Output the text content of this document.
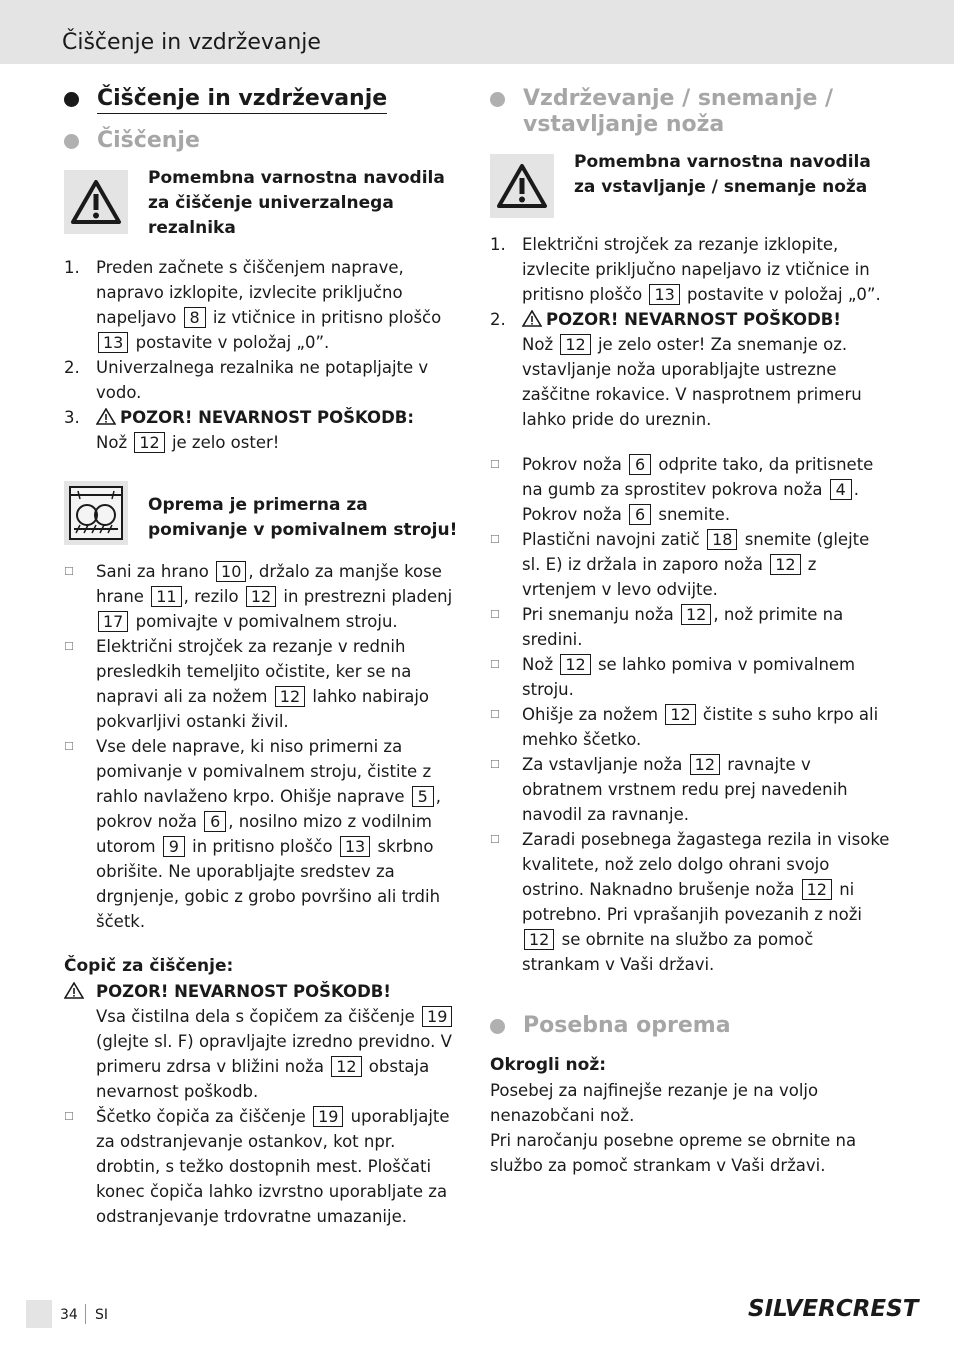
Čiščenje in vzdrževanje
Čiščenje in vzdrževanje
Čiščenje
Pomembna varnostna navodila za čiščenje univerzalnega rezalnika
1. Preden začnete s čiščenjem naprave, napravo izklopite, izvlecite priključno napeljavo 8 iz vtičnice in pritisno ploščo 13 postavite v položaj „0”.
2. Univerzalnega rezalnika ne potapljajte v vodo.
3.	POZOR! NEVARNOST POŠKODB:
Nož 12 je zelo oster!
Oprema je primerna za pomivanje v pomivalnem stroju!
☐	Sani za hrano 10 , držalo za manjše kose hrane 11 , rezilo 12 in prestrezni pladenj 17 pomivajte v pomivalnem stroju.
☐	Električni strojček za rezanje v rednih presledkih temeljito očistite, ker se na napravi ali za nožem 12 lahko nabirajo pokvarljivi ostanki živil.
☐	Vse dele naprave, ki niso primerni za pomivanje v pomivalnem stroju, čistite z rahlo navlaženo krpo. Ohišje naprave 5 , pokrov noža 6 , nosilno mizo z vodilnim utorom 9 in pritisno ploščo 13 skrbno obrišite. Ne uporabljajte sredstev za drgnjenje, gobic z grobo površino ali trdih ščetk.
Čopič za čiščenje:
POZOR! NEVARNOST POŠKODB!
Vsa čistilna dela s čopičem za čiščenje 19 (glejte sl. F) opravljajte izredno previdno. V primeru zdrsa v bližini noža 12 obstaja nevarnost poškodb.
☐	Ščetko čopiča za čiščenje 19 uporabljajte za odstranjevanje ostankov, kot npr. drobtin, s težko dostopnih mest. Ploščati konec čopiča lahko izvrstno uporabljate za odstranjevanje trdovratne umazanije.
Vzdrževanje / snemanje / vstavljanje noža
Pomembna varnostna navodila za vstavljanje / snemanje noža
1. Električni strojček za rezanje izklopite, izvlecite priključno napeljavo iz vtičnice in pritisno ploščo 13 postavite v položaj „0”.
2.	POZOR! NEVARNOST POŠKODB!
Nož 12 je zelo oster! Za snemanje oz. vstavljanje noža uporabljajte ustrezne zaščitne rokavice. V nasprotnem primeru lahko pride do ureznin.
☐	Pokrov noža 6 odprite tako, da pritisnete na gumb za sprostitev pokrova noža 4 . Pokrov noža 6 snemite.
☐	Plastični navojni zatič 18 snemite (glejte sl. E) iz držala in zaporo noža 12 z vrtenjem v levo odvijte.
☐	Pri snemanju noža 12 , nož primite na sredini.
☐	Nož 12 se lahko pomiva v pomivalnem stroju.
☐	Ohišje za nožem 12 čistite s suho krpo ali mehko ščetko.
☐	Za vstavljanje noža 12 ravnajte v obratnem vrstnem redu prej navedenih navodil za ravnanje.
☐	Zaradi posebnega žagastega rezila in visoke kvalitete, nož zelo dolgo ohrani svojo ostrino. Naknadno brušenje noža 12 ni potrebno. Pri vprašanjih povezanih z noži 12 se obrnite na službo za pomoč strankam v Vaši državi.
Posebna oprema
Okrogli nož:
Posebej za najfinejše rezanje je na voljo nenazobčani nož.
Pri naročanju posebne opreme se obrnite na službo za pomoč strankam v Vaši državi.
34 SI	SILVERCREST
